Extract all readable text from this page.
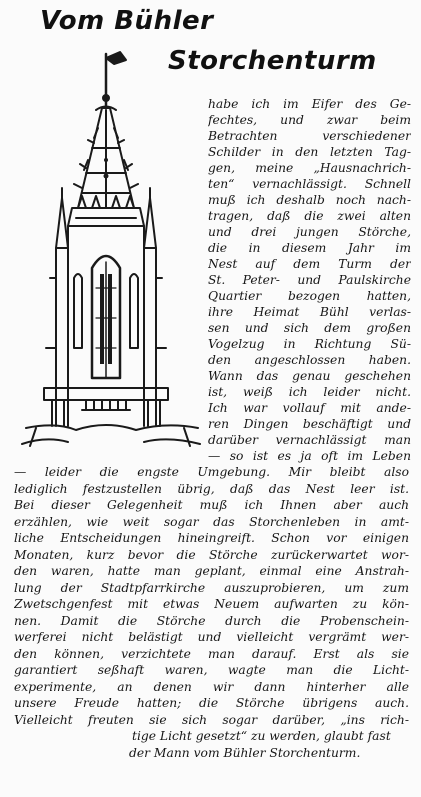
Vom Bühler
Storchenturm
habe ich im Eifer des Ge-
fechtes, und zwar beim
Betrachten verschiedener
Schilder in den letzten Tag-
gen, meine „Hausnachrich-
ten“ vernachlässigt. Schnell
muß ich deshalb noch nach-
tragen, daß die zwei alten
und drei jungen Störche,
die in diesem Jahr im
Nest auf dem Turm der
St. Peter- und Paulskirche
Quartier bezogen hatten,
ihre Heimat Bühl verlas-
sen und sich dem großen
Vogelzug in Richtung Sü-
den angeschlossen haben.
Wann das genau geschehen
ist, weiß ich leider nicht.
Ich war vollauf mit ande-
ren Dingen beschäftigt und
darüber vernachlässigt man
— so ist es ja oft im Leben
— leider die engste Umgebung. Mir bleibt also
lediglich festzustellen übrig, daß das Nest leer ist.
Bei dieser Gelegenheit muß ich Ihnen aber auch
erzählen, wie weit sogar das Storchenleben in amt-
liche Entscheidungen hineingreift. Schon vor einigen
Monaten, kurz bevor die Störche zurückerwartet wor-
den waren, hatte man geplant, einmal eine Anstrah-
lung der Stadtpfarrkirche auszuprobieren, um zum
Zwetschgenfest mit etwas Neuem aufwarten zu kön-
nen. Damit die Störche durch die Probenschein-
werferei nicht belästigt und vielleicht vergrämt wer-
den können, verzichtete man darauf. Erst als sie
garantiert seßhaft waren, wagte man die Licht-
experimente, an denen wir dann hinterher alle
unsere Freude hatten; die Störche übrigens auch.
Vielleicht freuten sie sich sogar darüber, „ins rich-
tige Licht gesetzt“ zu werden, glaubt fast
der Mann vom Bühler Storchenturm.
